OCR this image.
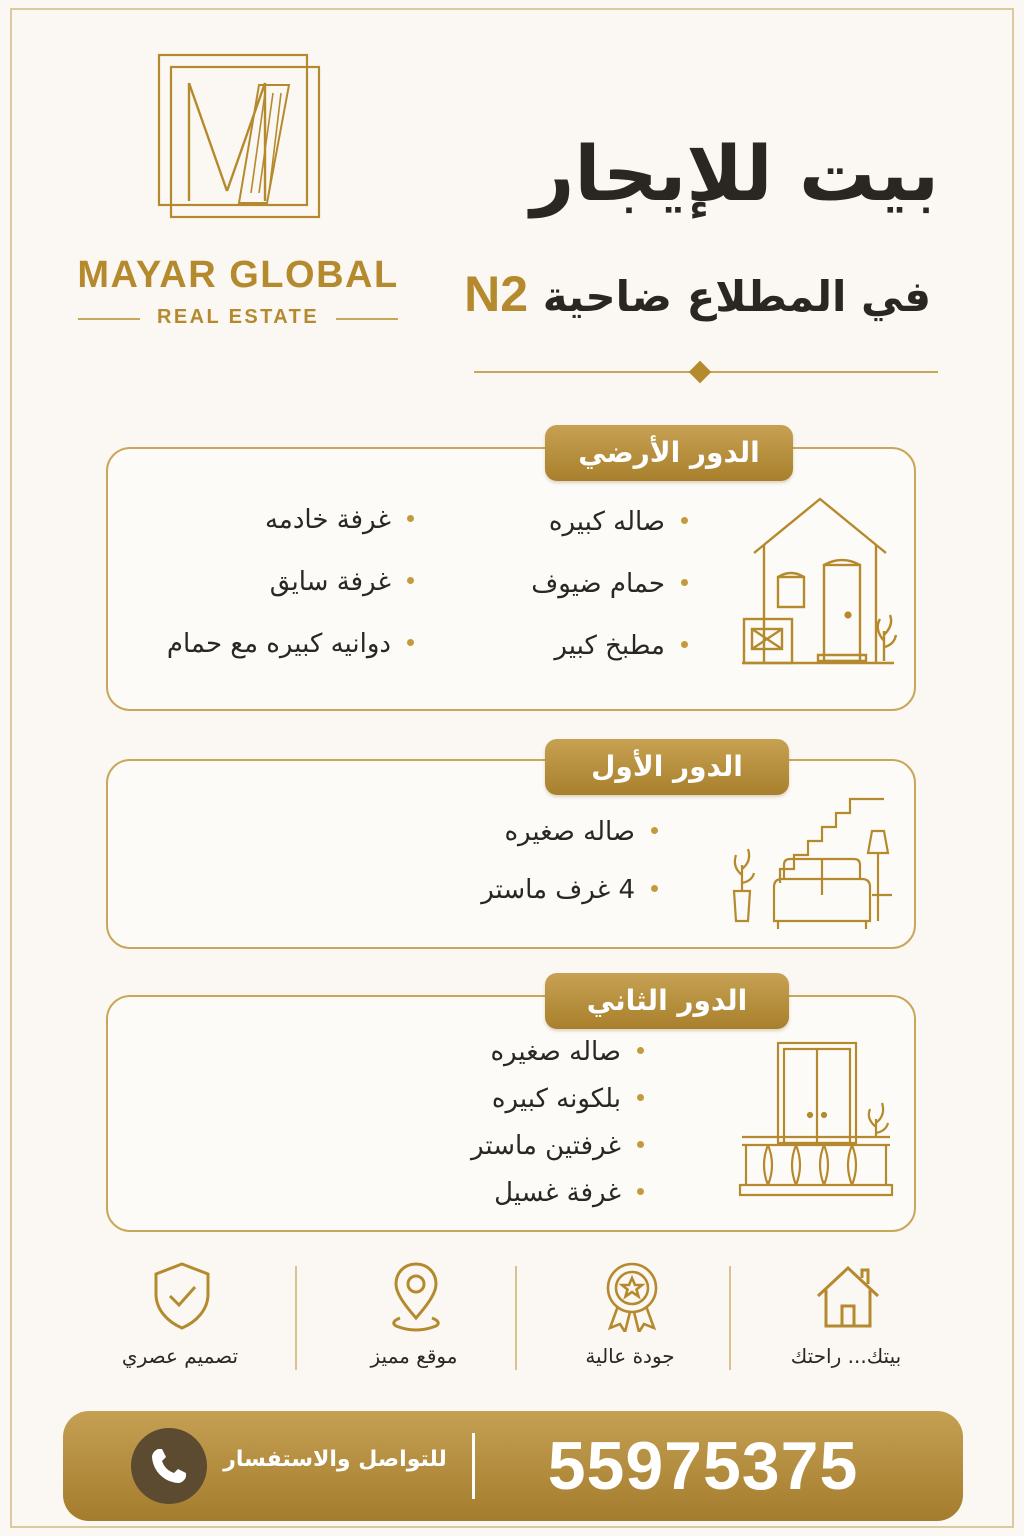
MAYAR GLOBAL
REAL ESTATE
بيت للإيجار
في المطلاع ضاحية N2
صاله كبيره
حمام ضيوف
مطبخ كبير
غرفة خادمه
غرفة سايق
دوانيه كبيره مع حمام
الدور الأرضي
صاله صغيره
4 غرف ماستر
الدور الأول
صاله صغيره
بلكونه كبيره
غرفتين ماستر
غرفة غسيل
الدور الثاني
بيتك... راحتك
جودة عالية
موقع مميز
تصميم عصري
للتواصل والاستفسار	55975375
